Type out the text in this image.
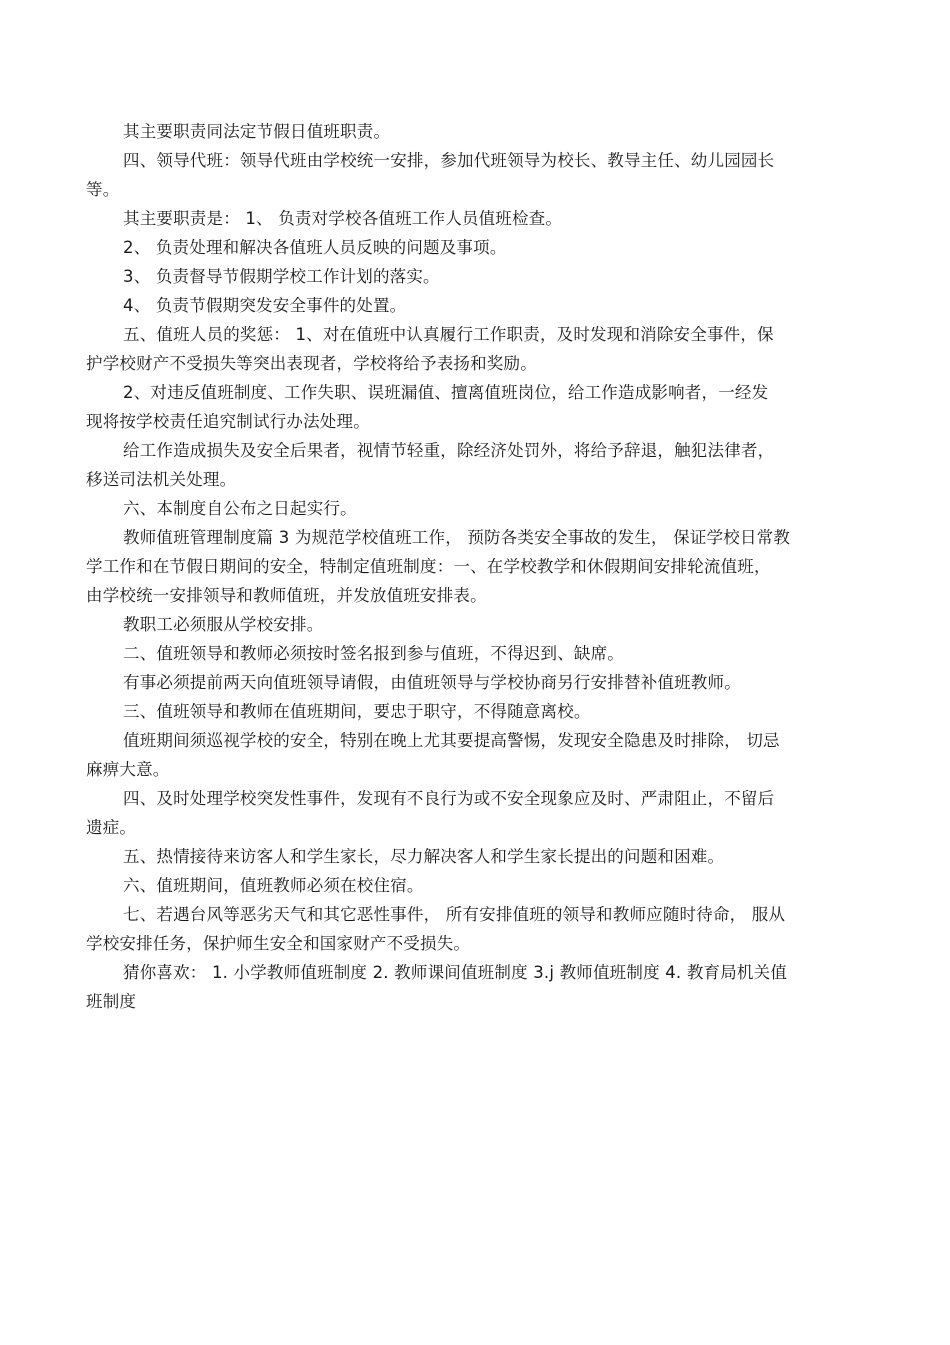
其主要职责同法定节假日值班职责。
四、领导代班：领导代班由学校统一安排，参加代班领导为校长、教导主任、幼儿园园长
等。
其主要职责是： 1、 负责对学校各值班工作人员值班检查。
2、 负责处理和解决各值班人员反映的问题及事项。
3、 负责督导节假期学校工作计划的落实。
4、 负责节假期突发安全事件的处置。
五、值班人员的奖惩： 1、对在值班中认真履行工作职责，及时发现和消除安全事件，保
护学校财产不受损失等突出表现者，学校将给予表扬和奖励。
2、对违反值班制度、工作失职、误班漏值、擅离值班岗位，给工作造成影响者，一经发
现将按学校责任追究制试行办法处理。
给工作造成损失及安全后果者，视情节轻重，除经济处罚外，将给予辞退，触犯法律者，
移送司法机关处理。
六、本制度自公布之日起实行。
教师值班管理制度篇 3 为规范学校值班工作， 预防各类安全事故的发生， 保证学校日常教
学工作和在节假日期间的安全，特制定值班制度：一、在学校教学和休假期间安排轮流值班，
由学校统一安排领导和教师值班，并发放值班安排表。
教职工必须服从学校安排。
二、值班领导和教师必须按时签名报到参与值班，不得迟到、缺席。
有事必须提前两天向值班领导请假，由值班领导与学校协商另行安排替补值班教师。
三、值班领导和教师在值班期间，要忠于职守，不得随意离校。
值班期间须巡视学校的安全，特别在晚上尤其要提高警惕，发现安全隐患及时排除， 切忌
麻痹大意。
四、及时处理学校突发性事件，发现有不良行为或不安全现象应及时、严肃阻止，不留后
遗症。
五、热情接待来访客人和学生家长，尽力解决客人和学生家长提出的问题和困难。
六、值班期间，值班教师必须在校住宿。
七、若遇台风等恶劣天气和其它恶性事件， 所有安排值班的领导和教师应随时待命， 服从
学校安排任务，保护师生安全和国家财产不受损失。
猜你喜欢： 1. 小学教师值班制度 2. 教师课间值班制度 3.j 教师值班制度 4. 教育局机关值
班制度
